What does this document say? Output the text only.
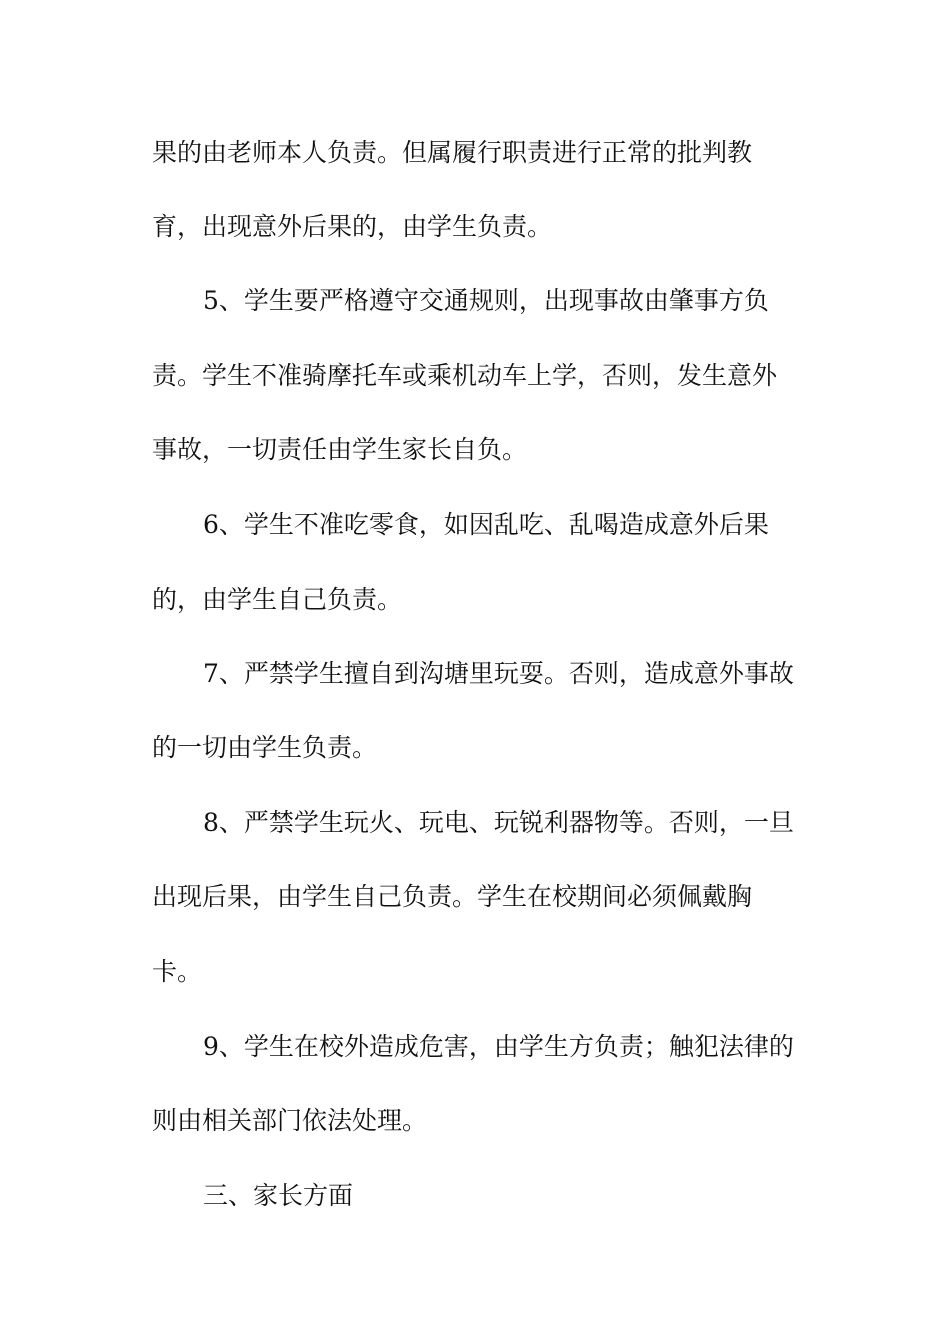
果的由老师本人负责。但属履行职责进行正常的批判教

育，出现意外后果的，由学生负责。

5、学生要严格遵守交通规则，出现事故由肇事方负

责。学生不准骑摩托车或乘机动车上学，否则，发生意外

事故，一切责任由学生家长自负。

6、学生不准吃零食，如因乱吃、乱喝造成意外后果

的，由学生自己负责。

7、严禁学生擅自到沟塘里玩耍。否则，造成意外事故

的一切由学生负责。

8、严禁学生玩火、玩电、玩锐利器物等。否则，一旦

出现后果，由学生自己负责。学生在校期间必须佩戴胸

卡。

9、学生在校外造成危害，由学生方负责；触犯法律的

则由相关部门依法处理。

三、家长方面
